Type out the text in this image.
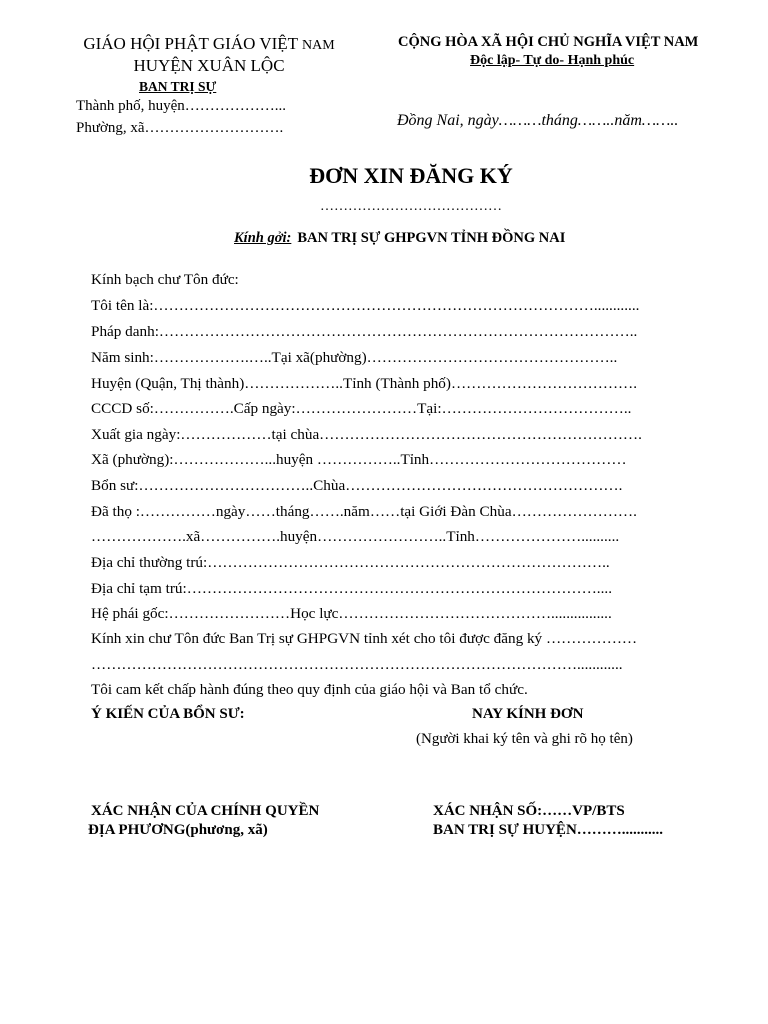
GIÁO HỘI PHẬT GIÁO VIỆT NAM
HUYỆN XUÂN LỘC
BAN TRỊ SỰ
Thành phố, huyện………………...
Phường, xã……………………….
CỘNG HÒA XÃ HỘI CHỦ NGHĨA VIỆT NAM
Độc lập- Tự do- Hạnh phúc
Đồng Nai, ngày………tháng……..năm……..
ĐƠN XIN ĐĂNG KÝ
…………………………………
Kính gởi: BAN TRỊ SỰ GHPGVN TỈNH ĐỒNG NAI
Kính bạch chư Tôn đức:
Tôi tên là:……………………………………………………………………………............
Pháp danh:…………………………………………………………………………………..
Năm sinh:……………….…..Tại xã(phường)…………………………………………..
Huyện (Quận, Thị thành)………………..Tỉnh (Thành phố)……………………………….
CCCD số:…………….Cấp ngày:……………………Tại:………………………………..
Xuất gia ngày:………………tại chùa……………………………………………………….
Xã (phường):………………...huyện ……………..Tỉnh…………………………………
Bổn sư:……………………………..Chùa……………………………………………….
Đã thọ :……………ngày……tháng…….năm……tại Giới Đàn Chùa…………………….
……………….xã…………….huyện……………………..Tỉnh…………………..........
Địa chỉ thường trú:……………………………………………………………………..
Địa chỉ tạm trú:………………………………………………………………………....
Hệ phái gốc:……………………Học lực……………………………………................
Kính xin chư Tôn đức Ban Trị sự GHPGVN tỉnh xét cho tôi được đăng ký ………………
……………………………………………………………………………………............
Tôi cam kết chấp hành đúng theo quy định của giáo hội và Ban tổ chức.
Ý KIẾN CỦA BỔN SƯ:	NAY KÍNH ĐƠN
(Người khai ký tên và ghi rõ họ tên)
XÁC NHẬN CỦA CHÍNH QUYỀN
ĐỊA PHƯƠNG(phương, xã)
XÁC NHẬN SỐ:……VP/BTS
BAN TRỊ SỰ HUYỆN………...........
